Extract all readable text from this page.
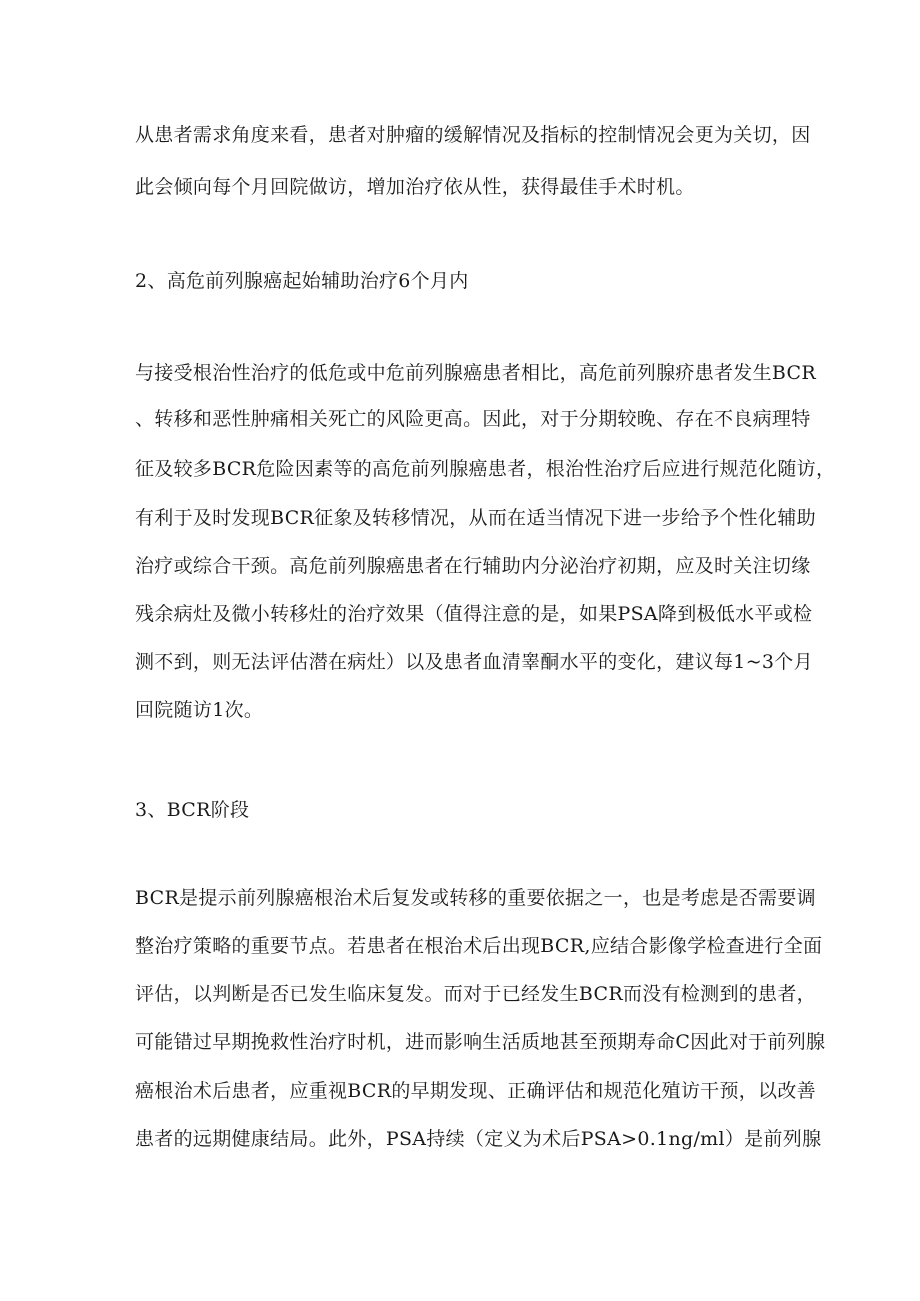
从患者需求角度来看，患者对肿瘤的缓解情况及指标的控制情况会更为关切，因
此会倾向每个月回院做访，增加治疗依从性，获得最佳手术时机。
2、高危前列腺癌起始辅助治疗6个月内
与接受根治性治疗的低危或中危前列腺癌患者相比，高危前列腺疥患者发生BCR
、转移和恶性肿痛相关死亡的风险更高。因此，对于分期较晚、存在不良病理特
征及较多BCR危险因素等的高危前列腺癌患者，根治性治疗后应进行规范化随访，
有利于及时发现BCR征象及转移情况，从而在适当情况下进一步给予个性化辅助
治疗或综合干颈。高危前列腺癌患者在行辅助内分泌治疗初期，应及时关注切缘
残余病灶及微小转移灶的治疗效果（值得注意的是，如果PSA降到极低水平或检
测不到，则无法评估潜在病灶）以及患者血清睾酮水平的变化，建议每1~3个月
回院随访1次。
3、BCR阶段
BCR是提示前列腺癌根治术后复发或转移的重要依据之一，也是考虑是否需要调
整治疗策略的重要节点。若患者在根治术后出现BCR,应结合影像学检查进行全面
评估，以判断是否已发生临床复发。而对于已经发生BCR而没有检测到的患者，
可能错过早期挽救性治疗时机，进而影响生活质地甚至预期寿命C因此对于前列腺
癌根治术后患者，应重视BCR的早期发现、正确评估和规范化殖访干预，以改善
患者的远期健康结局。此外，PSA持续（定义为术后PSA>0.1ng/ml）是前列腺
